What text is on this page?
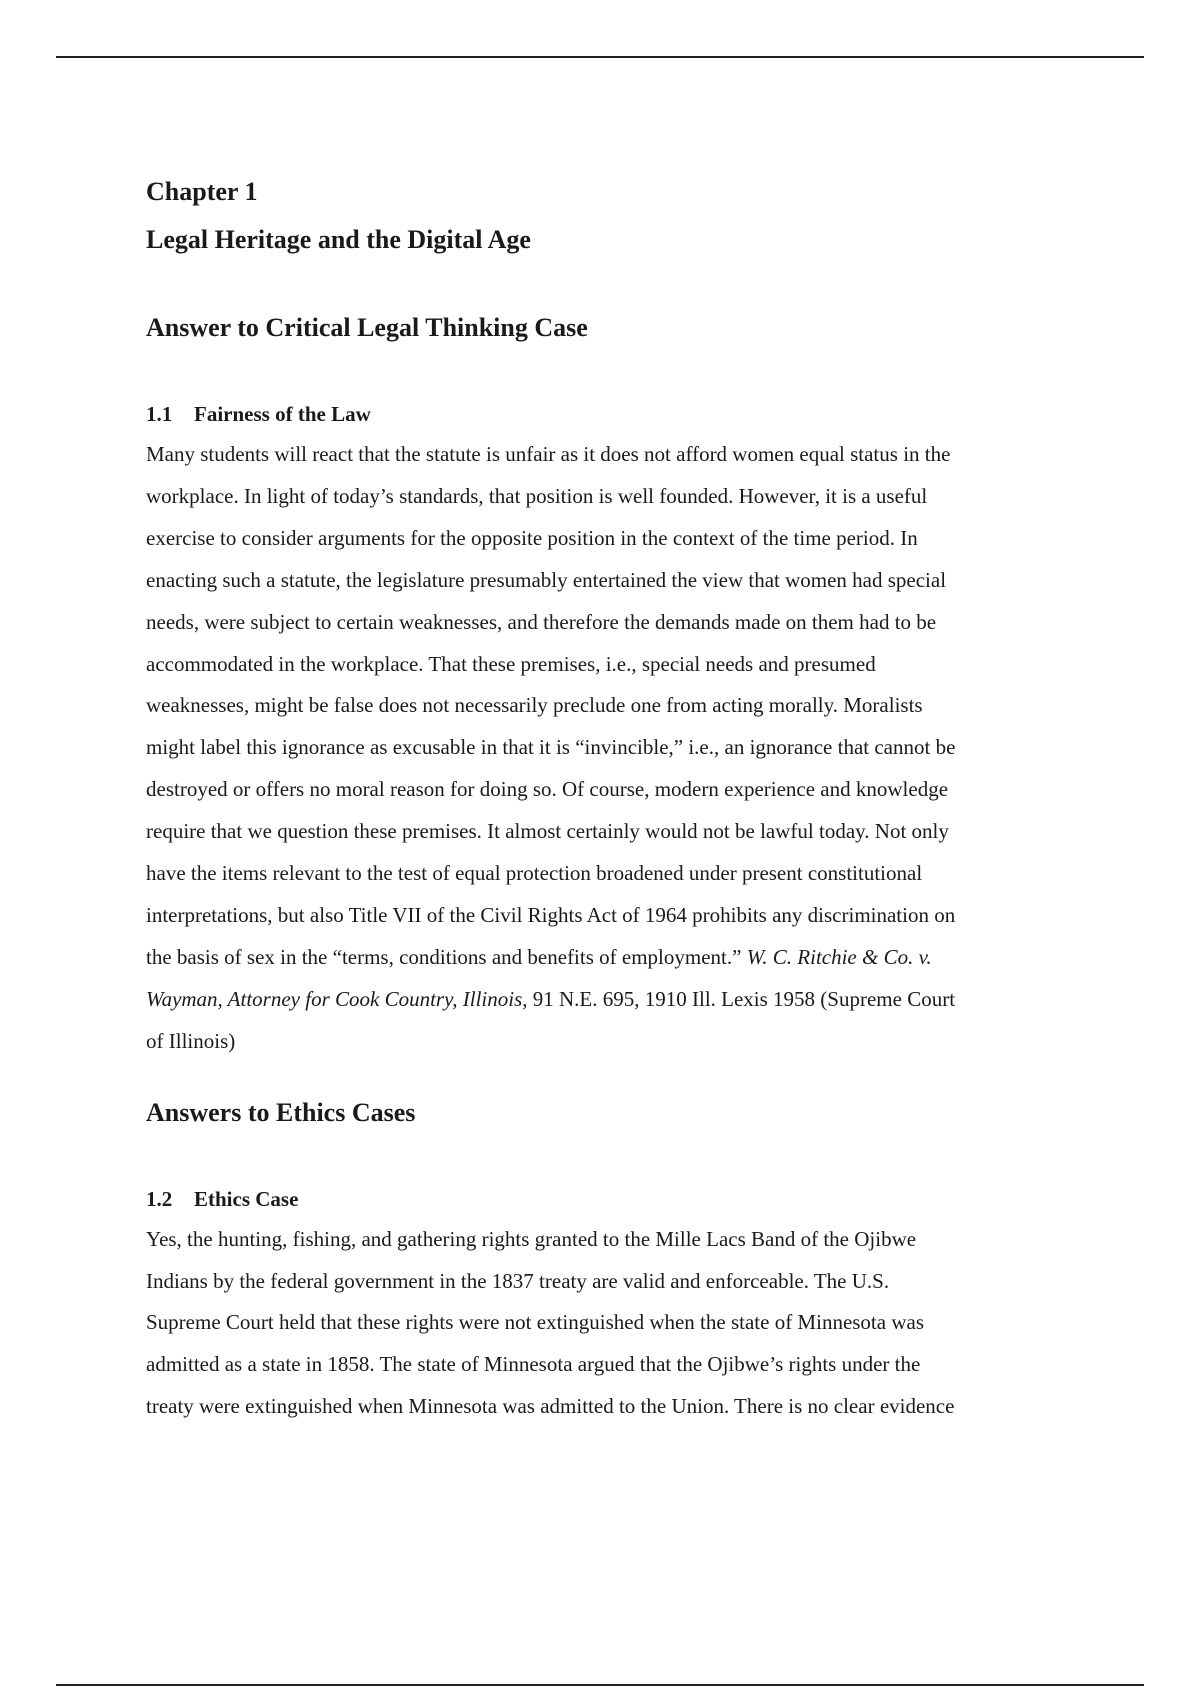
Chapter 1
Legal Heritage and the Digital Age
Answer to Critical Legal Thinking Case
1.1 Fairness of the Law

Many students will react that the statute is unfair as it does not afford women equal status in the
workplace. In light of today’s standards, that position is well founded. However, it is a useful
exercise to consider arguments for the opposite position in the context of the time period. In
enacting such a statute, the legislature presumably entertained the view that women had special
needs, were subject to certain weaknesses, and therefore the demands made on them had to be
accommodated in the workplace. That these premises, i.e., special needs and presumed
weaknesses, might be false does not necessarily preclude one from acting morally. Moralists
might label this ignorance as excusable in that it is “invincible,” i.e., an ignorance that cannot be
destroyed or offers no moral reason for doing so. Of course, modern experience and knowledge
require that we question these premises. It almost certainly would not be lawful today. Not only
have the items relevant to the test of equal protection broadened under present constitutional
interpretations, but also Title VII of the Civil Rights Act of 1964 prohibits any discrimination on
the basis of sex in the “terms, conditions and benefits of employment.” W. C. Ritchie & Co. v.
Wayman, Attorney for Cook Country, Illinois, 91 N.E. 695, 1910 Ill. Lexis 1958 (Supreme Court
of Illinois)

Answers to Ethics Cases
1.2 Ethics Case

Yes, the hunting, fishing, and gathering rights granted to the Mille Lacs Band of the Ojibwe
Indians by the federal government in the 1837 treaty are valid and enforceable. The U.S.
Supreme Court held that these rights were not extinguished when the state of Minnesota was
admitted as a state in 1858. The state of Minnesota argued that the Ojibwe’s rights under the
treaty were extinguished when Minnesota was admitted to the Union. There is no clear evidence
